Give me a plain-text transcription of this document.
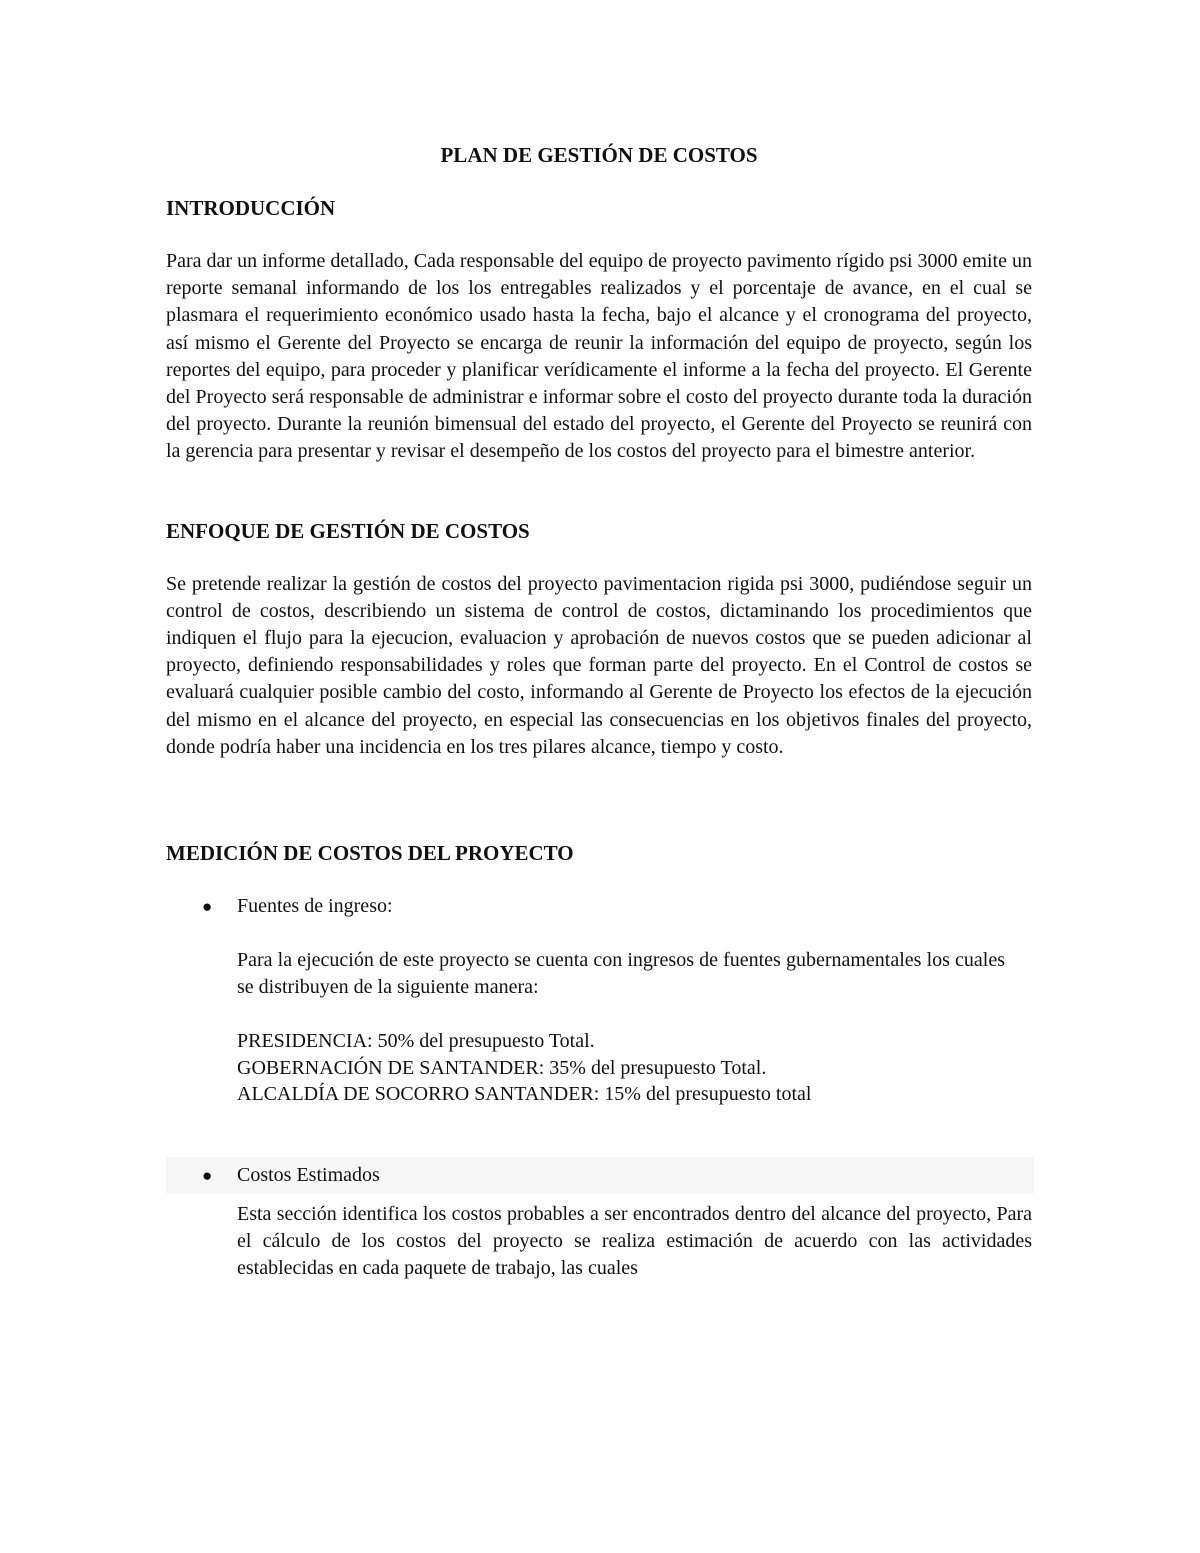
PLAN DE GESTIÓN DE COSTOS
INTRODUCCIÓN

Para dar un informe detallado, Cada responsable del equipo de proyecto pavimento rígido psi 3000 emite un reporte semanal informando de los los entregables realizados y el porcentaje de avance, en el cual se plasmara el requerimiento económico usado hasta la fecha, bajo el alcance y el cronograma del proyecto, así mismo el Gerente del Proyecto se encarga de reunir la información del equipo de proyecto, según los reportes del equipo, para proceder y planificar verídicamente el informe a la fecha del proyecto. El Gerente del Proyecto será responsable de administrar e informar sobre el costo del proyecto durante toda la duración del proyecto. Durante la reunión bimensual del estado del proyecto, el Gerente del Proyecto se reunirá con la gerencia para presentar y revisar el desempeño de los costos del proyecto para el bimestre anterior.

ENFOQUE DE GESTIÓN DE COSTOS

Se pretende realizar la gestión de costos del proyecto pavimentacion rigida psi 3000, pudiéndose seguir un control de costos, describiendo un sistema de control de costos, dictaminando los procedimientos que indiquen el flujo para la ejecucion, evaluacion y aprobación de nuevos costos que se pueden adicionar al proyecto, definiendo responsabilidades y roles que forman parte del proyecto. En el Control de costos se evaluará cualquier posible cambio del costo, informando al Gerente de Proyecto los efectos de la ejecución del mismo en el alcance del proyecto, en especial las consecuencias en los objetivos finales del proyecto, donde podría haber una incidencia en los tres pilares alcance, tiempo y costo.

MEDICIÓN DE COSTOS DEL PROYECTO
●	Fuentes de ingreso:

Para la ejecución de este proyecto se cuenta con ingresos de fuentes gubernamentales los cuales se distribuyen de la siguiente manera:

PRESIDENCIA: 50% del presupuesto Total.

GOBERNACIÓN DE SANTANDER: 35% del presupuesto Total.

ALCALDÍA DE SOCORRO SANTANDER: 15% del presupuesto total

●	Costos Estimados

Esta sección identifica los costos probables a ser encontrados dentro del alcance del proyecto, Para el cálculo de los costos del proyecto se realiza estimación de acuerdo con las actividades establecidas en cada paquete de trabajo, las cuales
